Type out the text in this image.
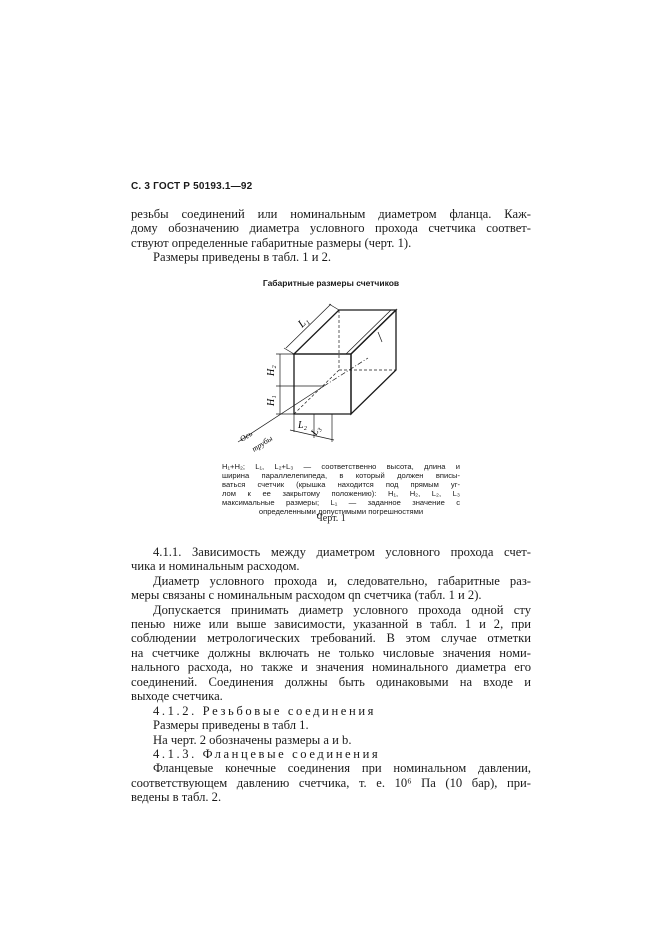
С. 3 ГОСТ Р 50193.1—92

резьбы соединений или номинальным диаметром фланца. Каж-

дому обозначению диаметра условного прохода счетчика соответ-

ствуют определенные габаритные размеры (черт. 1).

Размеры приведены в табл. 1 и 2.

Габаритные размеры счетчиков
L₁
H₂
H₁
L₂ L₃
Ось
трубы
H₁+H₂; L₁, L₂+L₃ — соответственно высота, длина и
ширина параллелепипеда, в который должен вписы-
ваться счетчик (крышка находится под прямым уг-
лом к ее закрытому положению): H₁, H₂, L₂, L₃
максимальные размеры; L₁ — заданное значение с
определенными допустимыми погрешностями
Черт. 1

4.1.1. Зависимость между диаметром условного прохода счет-

чика и номинальным расходом.

Диаметр условного прохода и, следовательно, габаритные раз-

меры связаны с номинальным расходом qn счетчика (табл. 1 и 2).

Допускается принимать диаметр условного прохода одной сту

пенью ниже или выше зависимости, указанной в табл. 1 и 2, при

соблюдении метрологических требований. В этом случае отметки

на счетчике должны включать не только числовые значения номи-

нального расхода, но также и значения номинального диаметра его

соединений. Соединения должны быть одинаковыми на входе и

выходе счетчика.

4.1.2. Резьбовые соединения

Размеры приведены в табл 1.

На черт. 2 обозначены размеры a и b.

4.1.3. Фланцевые соединения

Фланцевые конечные соединения при номинальном давлении,

соответствующем давлению счетчика, т. е. 10⁶ Па (10 бар), при-

ведены в табл. 2.
